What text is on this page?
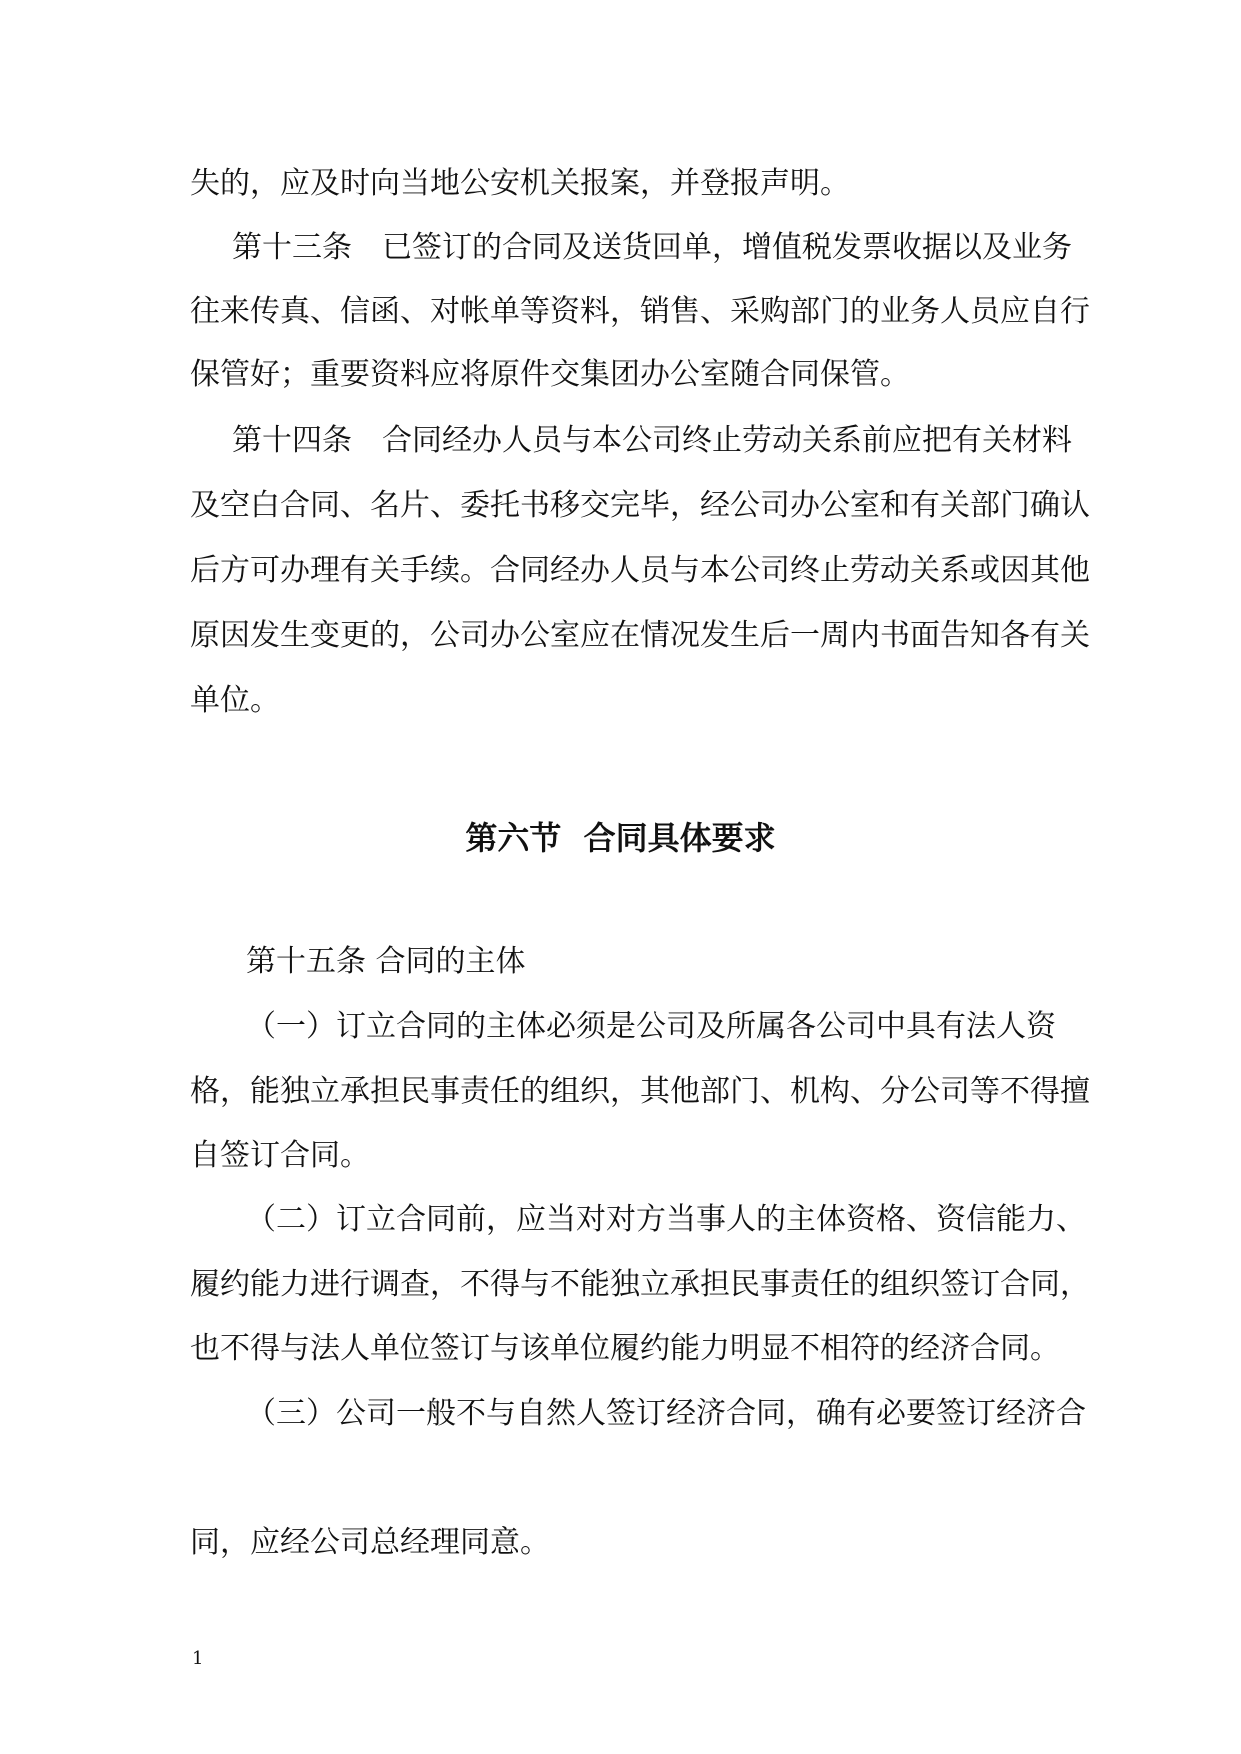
失的，应及时向当地公安机关报案，并登报声明。
第十三条　已签订的合同及送货回单，增值税发票收据以及业务
往来传真、信函、对帐单等资料，销售、采购部门的业务人员应自行
保管好；重要资料应将原件交集团办公室随合同保管。
第十四条　合同经办人员与本公司终止劳动关系前应把有关材料
及空白合同、名片、委托书移交完毕，经公司办公室和有关部门确认
后方可办理有关手续。合同经办人员与本公司终止劳动关系或因其他
原因发生变更的，公司办公室应在情况发生后一周内书面告知各有关
单位。
第六节  合同具体要求
第十五条 合同的主体
（一）订立合同的主体必须是公司及所属各公司中具有法人资
格，能独立承担民事责任的组织，其他部门、机构、分公司等不得擅
自签订合同。
（二）订立合同前，应当对对方当事人的主体资格、资信能力、
履约能力进行调查，不得与不能独立承担民事责任的组织签订合同，
也不得与法人单位签订与该单位履约能力明显不相符的经济合同。
（三）公司一般不与自然人签订经济合同，确有必要签订经济合
同，应经公司总经理同意。
1
